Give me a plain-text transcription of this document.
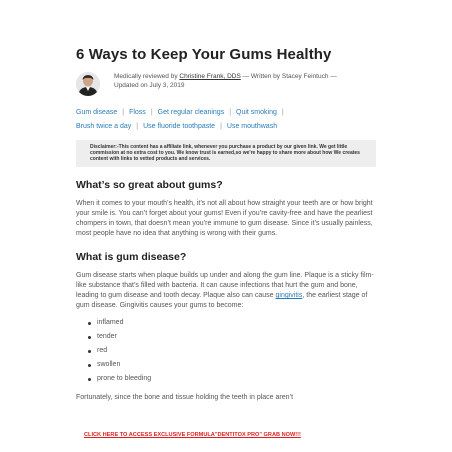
6 Ways to Keep Your Gums Healthy
Medically reviewed by Christine Frank, DDS — Written by Stacey Feintuch —
Updated on July 3, 2019
Gum disease | Floss | Get regular cleanings | Quit smoking |
Brush twice a day | Use fluoride toothpaste | Use mouthwash
Disclaimer:-This content has a affiliate link, whenever you purchase a product by our given link. We get little commission at no extra cost to you. We know trust is earned,so we're happy to share more about how We creates content with links to vetted products and services.
What’s so great about gums?

When it comes to your mouth’s health, it’s not all about how straight your teeth are or how bright your smile is. You can’t forget about your gums! Even if you’re cavity-free and have the pearliest chompers in town, that doesn’t mean you’re immune to gum disease. Since it’s usually painless, most people have no idea that anything is wrong with their gums.

What is gum disease?

Gum disease starts when plaque builds up under and along the gum line. Plaque is a sticky film-like substance that’s filled with bacteria. It can cause infections that hurt the gum and bone, leading to gum disease and tooth decay. Plaque also can cause gingivitis, the earliest stage of gum disease. Gingivitis causes your gums to become:

inflamed
tender
red
swollen
prone to bleeding

Fortunately, since the bone and tissue holding the teeth in place aren’t

CLICK HERE TO ACCESS EXCLUSIVE FORMULA"DENTITOX PRO" GRAB NOW!!!
